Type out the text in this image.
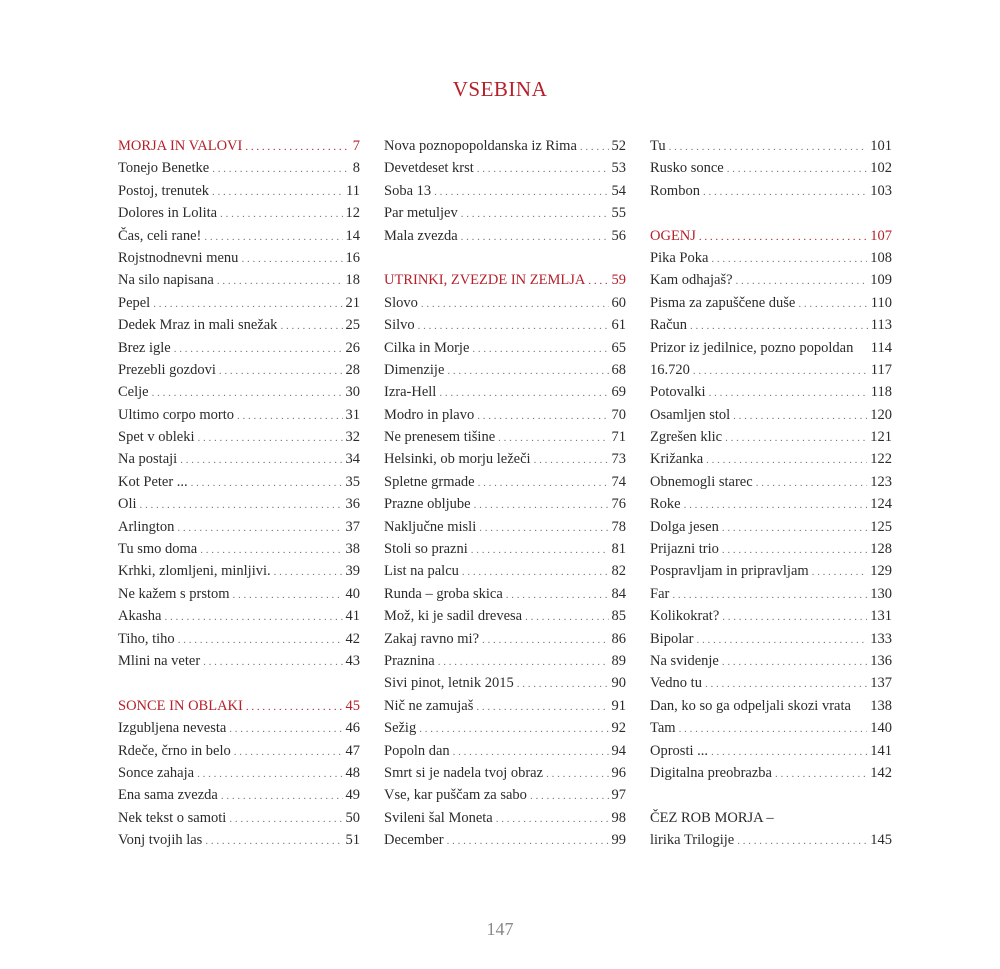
VSEBINA
MORJA IN VALOVI . . .	7
Tonejo Benetke . . .	8
Postoj, trenutek . . .	11
Dolores in Lolita . . .	12
Čas, celi rane! . . .	14
Rojstnodnevni menu . . .	16
Na silo napisana . . .	18
Pepel . . .	21
Dedek Mraz in mali snežak . . .	25
Brez igle . . .	26
Prezebli gozdovi . . .	28
Celje . . .	30
Ultimo corpo morto . . .	31
Spet v obleki . . .	32
Na postaji . . .	34
Kot Peter ... . . .	35
Oli . . .	36
Arlington . . .	37
Tu smo doma . . .	38
Krhki, zlomljeni, minljivi. . . .	39
Ne kažem s prstom . . .	40
Akasha . . .	41
Tiho, tiho . . .	42
Mlini na veter . . .	43
SONCE IN OBLAKI . . .	45
Izgubljena nevesta . . .	46
Rdeče, črno in belo . . .	47
Sonce zahaja . . .	48
Ena sama zvezda . . .	49
Nek tekst o samoti . . .	50
Vonj tvojih las . . .	51
Nova poznopopoldanska iz Rima . . . 52
Devetdeset krst . . .	53
Soba 13 . . .	54
Par metuljev . . .	55
Mala zvezda . . .	56
UTRINKI, ZVEZDE IN ZEMLJA . . . 59
Slovo . . .	60
Silvo . . .	61
Cilka in Morje . . .	65
Dimenzije . . .	68
Izra-Hell . . .	69
Modro in plavo . . .	70
Ne prenesem tišine . . .	71
Helsinki, ob morju ležeči . . .	73
Spletne grmade . . .	74
Prazne obljube . . .	76
Naključne misli . . .	78
Stoli so prazni . . .	81
List na palcu . . .	82
Runda – groba skica . . .	84
Mož, ki je sadil drevesa . . .	85
Zakaj ravno mi? . . .	86
Praznina . . .	89
Sivi pinot, letnik 2015 . . .	90
Nič ne zamujaš . . .	91
Sežig . . .	92
Popoln dan . . .	94
Smrt si je nadela tvoj obraz . . .	96
Vse, kar puščam za sabo . . .	97
Svileni šal Moneta . . .	98
December . . .	99
Tu . . .	101
Rusko sonce . . .	102
Rombon . . .	103
OGENJ . . .	107
Pika Poka . . .	108
Kam odhajaš? . . .	109
Pisma za zapuščene duše . . .	110
Račun . . .	113
Prizor iz jedilnice, pozno popoldan 114
16.720 . . .	117
Potovalki . . .	118
Osamljen stol . . .	120
Zgrešen klic . . .	121
Križanka . . .	122
Obnemogli starec . . .	123
Roke . . .	124
Dolga jesen . . .	125
Prijazni trio . . .	128
Pospravljam in pripravljam . . .	129
Far . . .	130
Kolikokrat? . . .	131
Bipolar . . .	133
Na svidenje . . .	136
Vedno tu . . .	137
Dan, ko so ga odpeljali skozi vrata 138
Tam . . .	140
Oprosti ... . . .	141
Digitalna preobrazba . . .	142
ČEZ ROB MORJA –
lirika Trilogije . . .	145
147
